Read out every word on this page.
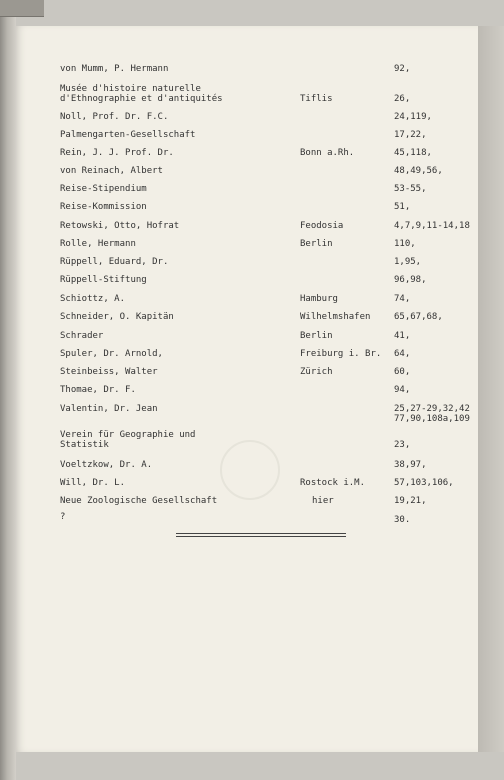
von Mumm, P. Hermann	92,
Musée d'histoire naturelle
d'Ethnographie et d'antiquités	Tiflis	26,
Noll, Prof. Dr. F.C.	24,119,
Palmengarten-Gesellschaft	17,22,
Rein, J. J. Prof. Dr.	Bonn a.Rh.	45,118,
von Reinach, Albert	48,49,56,
Reise-Stipendium	53-55,
Reise-Kommission	51,
Retowski, Otto, Hofrat	Feodosia	4,7,9,11-14,18
Rolle, Hermann	Berlin	110,
Rüppell, Eduard, Dr.	1,95,
Rüppell-Stiftung	96,98,
Schiottz, A.	Hamburg	74,
Schneider, O. Kapitän	Wilhelmshafen	65,67,68,
Schrader	Berlin	41,
Spuler, Dr. Arnold,	Freiburg i. Br. 64,
Steinbeiss, Walter	Zürich	60,
Thomae, Dr. F.	94,
Valentin, Dr. Jean	25,27-29,32,42
77,90,108a,109
Verein für Geographie und
Statistik	23,
Voeltzkow, Dr. A.	38,97,
Will, Dr. L.	Rostock i.M.	57,103,106,
Neue Zoologische Gesellschaft	hier	19,21,
?	30.
